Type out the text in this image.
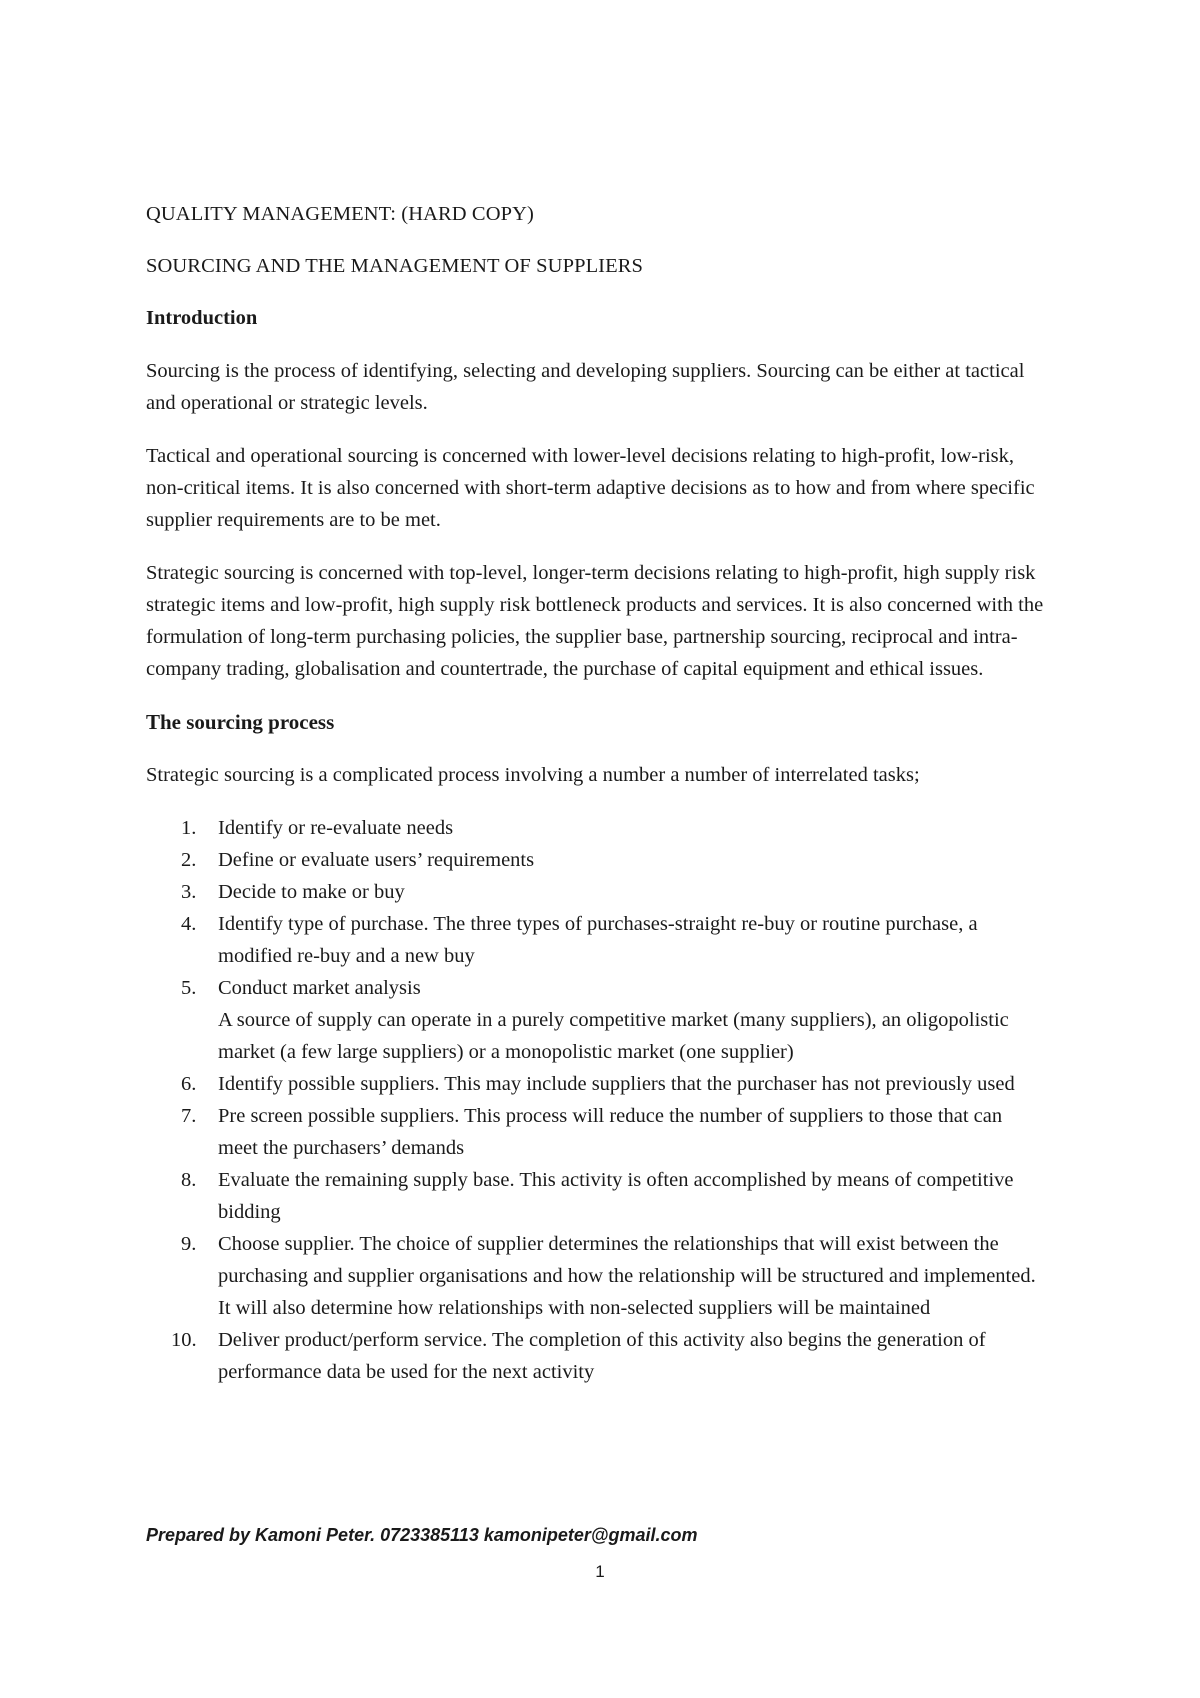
QUALITY MANAGEMENT: (HARD COPY)

SOURCING AND THE MANAGEMENT OF SUPPLIERS

Introduction

Sourcing is the process of identifying, selecting and developing suppliers. Sourcing can be either at tactical and operational or strategic levels.

Tactical and operational sourcing is concerned with lower-level decisions relating to high-profit, low-risk, non-critical items. It is also concerned with short-term adaptive decisions as to how and from where specific supplier requirements are to be met.

Strategic sourcing is concerned with top-level, longer-term decisions relating to high-profit, high supply risk strategic items and low-profit, high supply risk bottleneck products and services. It is also concerned with the formulation of long-term purchasing policies, the supplier base, partnership sourcing, reciprocal and intra-company trading, globalisation and countertrade, the purchase of capital equipment and ethical issues.

The sourcing process

Strategic sourcing is a complicated process involving a number a number of interrelated tasks;

1. Identify or re-evaluate needs
2. Define or evaluate users’ requirements
3. Decide to make or buy
4. Identify type of purchase. The three types of purchases-straight re-buy or routine purchase, a modified re-buy and a new buy
5. Conduct market analysis
A source of supply can operate in a purely competitive market (many suppliers), an oligopolistic market (a few large suppliers) or a monopolistic market (one supplier)
6. Identify possible suppliers. This may include suppliers that the purchaser has not previously used
7. Pre screen possible suppliers. This process will reduce the number of suppliers to those that can meet the purchasers’ demands
8. Evaluate the remaining supply base. This activity is often accomplished by means of competitive bidding
9. Choose supplier. The choice of supplier determines the relationships that will exist between the purchasing and supplier organisations and how the relationship will be structured and implemented. It will also determine how relationships with non-selected suppliers will be maintained
10. Deliver product/perform service. The completion of this activity also begins the generation of performance data be used for the next activity
Prepared by Kamoni Peter. 0723385113 kamonipeter@gmail.com
1
